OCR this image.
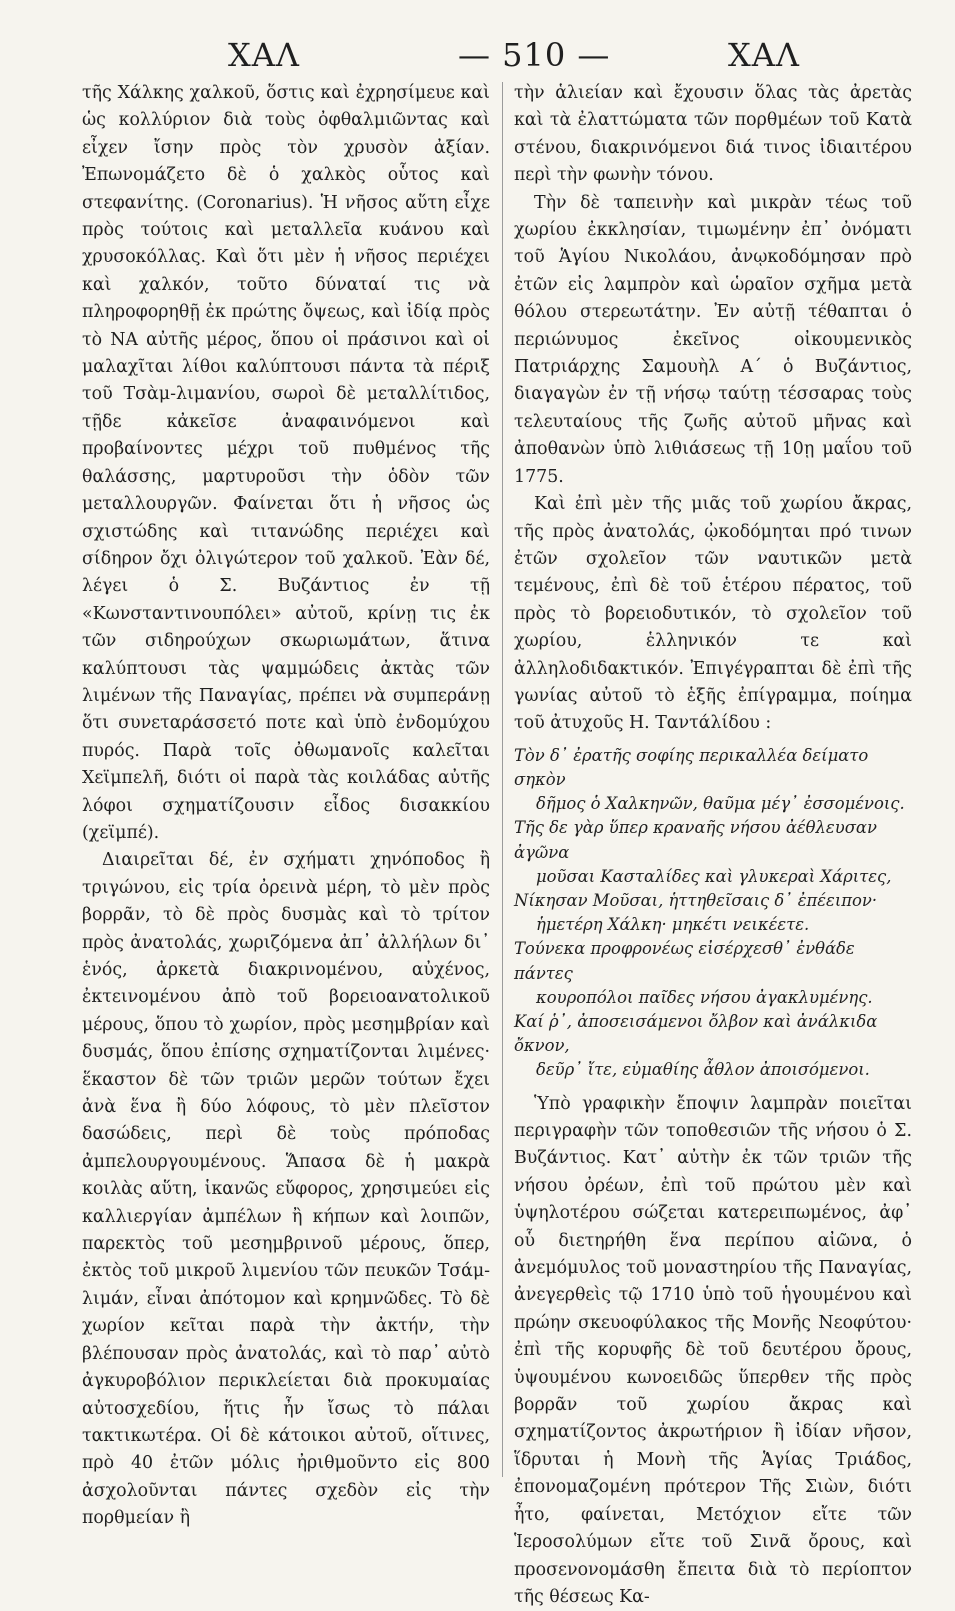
ΧΑΛ	— 510 —	ΧΑΛ

τῆς Χάλκης χαλκοῦ, ὅστις καὶ ἐχρησίμευε καὶ ὡς κολλύριον διὰ τοὺς ὀφθαλμιῶντας καὶ εἶχεν ἴσην πρὸς τὸν χρυσὸν ἀξίαν. Ἐπωνομάζετο δὲ ὁ χαλκὸς οὗτος καὶ στεφανίτης. (Coronarius). Ἡ νῆσος αὕτη εἶχε πρὸς τούτοις καὶ μεταλλεῖα κυάνου καὶ χρυσοκόλλας. Καὶ ὅτι μὲν ἡ νῆσος περιέχει καὶ χαλκόν, τοῦτο δύναταί τις νὰ πληροφορηθῇ ἐκ πρώτης ὄψεως, καὶ ἰδίᾳ πρὸς τὸ ΝΑ αὐτῆς μέρος, ὅπου οἱ πράσινοι καὶ οἱ μαλαχῖται λίθοι καλύπτουσι πάντα τὰ πέριξ τοῦ Τσὰμ-λιμανίου, σωροὶ δὲ μεταλλίτιδος, τῇδε κἀκεῖσε ἀναφαινόμενοι καὶ προβαίνοντες μέχρι τοῦ πυθμένος τῆς θαλάσσης, μαρτυροῦσι τὴν ὁδὸν τῶν μεταλλουργῶν. Φαίνεται ὅτι ἡ νῆσος ὡς σχιστώδης καὶ τιτανώδης περιέχει καὶ σίδηρον ὄχι ὀλιγώτερον τοῦ χαλκοῦ. Ἐὰν δέ, λέγει ὁ Σ. Βυζάντιος ἐν τῇ «Κωνσταντινουπόλει» αὐτοῦ, κρίνῃ τις ἐκ τῶν σιδηρούχων σκωριωμάτων, ἅτινα καλύπτουσι τὰς ψαμμώδεις ἀκτὰς τῶν λιμένων τῆς Παναγίας, πρέπει νὰ συμπεράνῃ ὅτι συνεταράσσετό ποτε καὶ ὑπὸ ἐνδομύχου πυρός. Παρὰ τοῖς ὀθωμανοῖς καλεῖται Χεϊμπελῆ, διότι οἱ παρὰ τὰς κοιλάδας αὐτῆς λόφοι σχηματίζουσιν εἶδος δισακκίου (χεϊμπέ).

Διαιρεῖται δέ, ἐν σχήματι χηνόποδος ἢ τριγώνου, εἰς τρία ὀρεινὰ μέρη, τὸ μὲν πρὸς βορρᾶν, τὸ δὲ πρὸς δυσμὰς καὶ τὸ τρίτον πρὸς ἀνατολάς, χωριζόμενα ἀπ᾽ ἀλλήλων δι᾽ ἑνός, ἀρκετὰ διακρινομένου, αὐχένος, ἐκτεινομένου ἀπὸ τοῦ βορειοανατολικοῦ μέρους, ὅπου τὸ χωρίον, πρὸς μεσημβρίαν καὶ δυσμάς, ὅπου ἐπίσης σχηματίζονται λιμένες· ἕκαστον δὲ τῶν τριῶν μερῶν τούτων ἔχει ἀνὰ ἕνα ἢ δύο λόφους, τὸ μὲν πλεῖστον δασώδεις, περὶ δὲ τοὺς πρόποδας ἀμπελουργουμένους. Ἅπασα δὲ ἡ μακρὰ κοιλὰς αὕτη, ἱκανῶς εὔφορος, χρησιμεύει εἰς καλλιεργίαν ἀμπέλων ἢ κήπων καὶ λοιπῶν, παρεκτὸς τοῦ μεσημβρινοῦ μέρους, ὅπερ, ἐκτὸς τοῦ μικροῦ λιμενίου τῶν πευκῶν Τσάμ-λιμάν, εἶναι ἀπότομον καὶ κρημνῶδες. Τὸ δὲ χωρίον κεῖται παρὰ τὴν ἀκτήν, τὴν βλέπουσαν πρὸς ἀνατολάς, καὶ τὸ παρ᾽ αὐτὸ ἀγκυροβόλιον περικλείεται διὰ προκυμαίας αὐτοσχεδίου, ἥτις ἦν ἴσως τὸ πάλαι τακτικωτέρα. Οἱ δὲ κάτοικοι αὐτοῦ, οἵτινες, πρὸ 40 ἐτῶν μόλις ἠριθμοῦντο εἰς 800 ἀσχολοῦνται πάντες σχεδὸν εἰς τὴν πορθμείαν ἢ

τὴν ἁλιείαν καὶ ἔχουσιν ὅλας τὰς ἀρετὰς καὶ τὰ ἐλαττώματα τῶν πορθμέων τοῦ Κατὰ στένου, διακρινόμενοι διά τινος ἰδιαιτέρου περὶ τὴν φωνὴν τόνου.

Τὴν δὲ ταπεινὴν καὶ μικρὰν τέως τοῦ χωρίου ἐκκλησίαν, τιμωμένην ἐπ᾽ ὀνόματι τοῦ Ἁγίου Νικολάου, ἀνῳκοδόμησαν πρὸ ἐτῶν εἰς λαμπρὸν καὶ ὡραῖον σχῆμα μετὰ θόλου στερεωτάτην. Ἐν αὐτῇ τέθαπται ὁ περιώνυμος ἐκεῖνος οἰκουμενικὸς Πατριάρχης Σαμουὴλ Α´ ὁ Βυζάντιος, διαγαγὼν ἐν τῇ νήσῳ ταύτῃ τέσσαρας τοὺς τελευταίους τῆς ζωῆς αὐτοῦ μῆνας καὶ ἀποθανὼν ὑπὸ λιθιάσεως τῇ 10ῃ μαΐου τοῦ 1775.

Καὶ ἐπὶ μὲν τῆς μιᾶς τοῦ χωρίου ἄκρας, τῆς πρὸς ἀνατολάς, ᾠκοδόμηται πρό τινων ἐτῶν σχολεῖον τῶν ναυτικῶν μετὰ τεμένους, ἐπὶ δὲ τοῦ ἑτέρου πέρατος, τοῦ πρὸς τὸ βορειοδυτικόν, τὸ σχολεῖον τοῦ χωρίου, ἑλληνικόν τε καὶ ἀλληλοδιδακτικόν. Ἐπιγέγραπται δὲ ἐπὶ τῆς γωνίας αὐτοῦ τὸ ἑξῆς ἐπίγραμμα, ποίημα τοῦ ἀτυχοῦς Η. Ταντάλίδου :

Τὸν δ᾽ ἐρατῆς σοφίης περικαλλέα δείματο σηκὸν
δῆμος ὁ Χαλκηνῶν, θαῦμα μέγ᾽ ἐσσομένοις.
Τῆς δε γὰρ ὕπερ κραναῆς νήσου ἀέθλευσαν ἀγῶνα
μοῦσαι Κασταλίδες καὶ γλυκεραὶ Χάριτες,
Νίκησαν Μοῦσαι, ἡττηθεῖσαις δ᾽ ἐπέειπον·
ἡμετέρη Χάλκη· μηκέτι νεικέετε.
Τούνεκα προφρονέως εἰσέρχεσθ᾽ ἐνθάδε πάντες
κουροπόλοι παῖδες νήσου ἀγακλυμένης.
Καί ῥ᾽, ἀποσεισάμενοι ὄλβον καὶ ἀνάλκιδα ὄκνον,
δεῦρ᾽ ἴτε, εὐμαθίης ἆθλον ἀποισόμενοι.

Ὑπὸ γραφικὴν ἔποψιν λαμπρὰν ποιεῖται περιγραφὴν τῶν τοποθεσιῶν τῆς νήσου ὁ Σ. Βυζάντιος. Κατ᾽ αὐτὴν ἐκ τῶν τριῶν τῆς νήσου ὀρέων, ἐπὶ τοῦ πρώτου μὲν καὶ ὑψηλοτέρου σώζεται κατερειπωμένος, ἀφ᾽ οὗ διετηρήθη ἕνα περίπου αἰῶνα, ὁ ἀνεμόμυλος τοῦ μοναστηρίου τῆς Παναγίας, ἀνεγερθεὶς τῷ 1710 ὑπὸ τοῦ ἡγουμένου καὶ πρώην σκευοφύλακος τῆς Μονῆς Νεοφύτου· ἐπὶ τῆς κορυφῆς δὲ τοῦ δευτέρου ὄρους, ὑψουμένου κωνοειδῶς ὕπερθεν τῆς πρὸς βορρᾶν τοῦ χωρίου ἄκρας καὶ σχηματίζοντος ἀκρωτήριον ἢ ἰδίαν νῆσον, ἵδρυται ἡ Μονὴ τῆς Ἁγίας Τριάδος, ἐπονομαζομένη πρότερον Τῆς Σιὼν, διότι ἦτο, φαίνεται, Μετόχιον εἴτε τῶν Ἱεροσολύμων εἴτε τοῦ Σινᾶ ὄρους, καὶ προσενονομάσθη ἔπειτα διὰ τὸ περίοπτον τῆς θέσεως Κα-
